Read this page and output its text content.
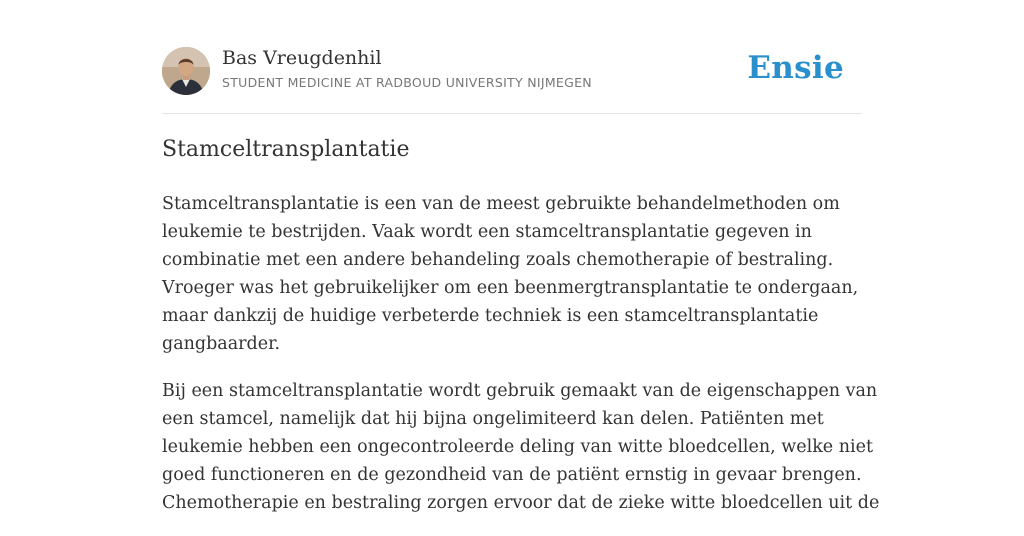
Bas Vreugdenhil
STUDENT MEDICINE AT RADBOUD UNIVERSITY NIJMEGEN	Ensie
Stamceltransplantatie

Stamceltransplantatie is een van de meest gebruikte behandelmethoden om
leukemie te bestrijden. Vaak wordt een stamceltransplantatie gegeven in
combinatie met een andere behandeling zoals chemotherapie of bestraling.
Vroeger was het gebruikelijker om een beenmergtransplantatie te ondergaan,
maar dankzij de huidige verbeterde techniek is een stamceltransplantatie
gangbaarder.

Bij een stamceltransplantatie wordt gebruik gemaakt van de eigenschappen van
een stamcel, namelijk dat hij bijna ongelimiteerd kan delen. Patiënten met
leukemie hebben een ongecontroleerde deling van witte bloedcellen, welke niet
goed functioneren en de gezondheid van de patiënt ernstig in gevaar brengen.
Chemotherapie en bestraling zorgen ervoor dat de zieke witte bloedcellen uit de
